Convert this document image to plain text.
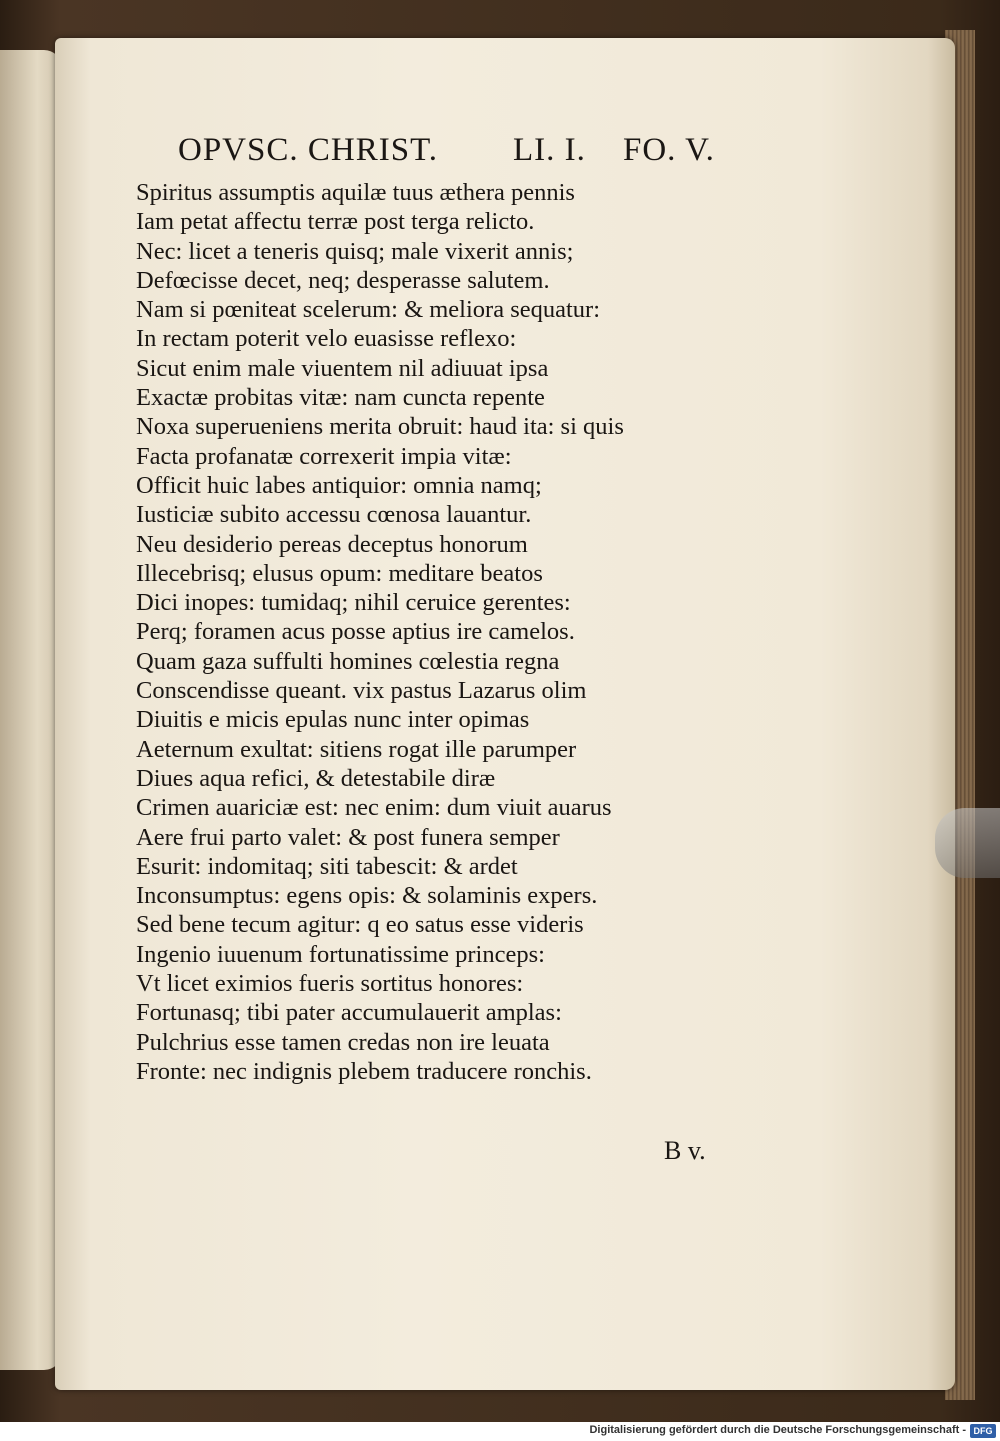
OPVSC. CHRIST. LI. I. FO. V.
Spiritus assumptis aquilæ tuus æthera pennis
Iam petat affectu terræ post terga relicto.
Nec: licet a teneris quisq; male vixerit annis;
Defœcisse decet, neq; desperasse salutem.
Nam si pœniteat scelerum: & meliora sequatur:
In rectam poterit velo euasisse reflexo:
Sicut enim male viuentem nil adiuuat ipsa
Exactæ probitas vitæ: nam cuncta repente
Noxa superueniens merita obruit: haud ita: si quis
Facta profanatæ correxerit impia vitæ:
Officit huic labes antiquior: omnia namq;
Iusticiæ subito accessu cœnosa lauantur.
Neu desiderio pereas deceptus honorum
Illecebrisq; elusus opum: meditare beatos
Dici inopes: tumidaq; nihil ceruice gerentes:
Perq; foramen acus posse aptius ire camelos.
Quam gaza suffulti homines cœlestia regna
Conscendisse queant. vix pastus Lazarus olim
Diuitis e micis epulas nunc inter opimas
Aeternum exultat: sitiens rogat ille parumper
Diues aqua refici, & detestabile diræ
Crimen auariciæ est: nec enim: dum viuit auarus
Aere frui parto valet: & post funera semper
Esurit: indomitaq; siti tabescit: & ardet
Inconsumptus: egens opis: & solaminis expers.
Sed bene tecum agitur: q eo satus esse videris
Ingenio iuuenum fortunatissime princeps:
Vt licet eximios fueris sortitus honores:
Fortunasq; tibi pater accumulauerit amplas:
Pulchrius esse tamen credas non ire leuata
Fronte: nec indignis plebem traducere ronchis.
B v.
Digitalisierung gefördert durch die Deutsche Forschungsgemeinschaft - DFG
